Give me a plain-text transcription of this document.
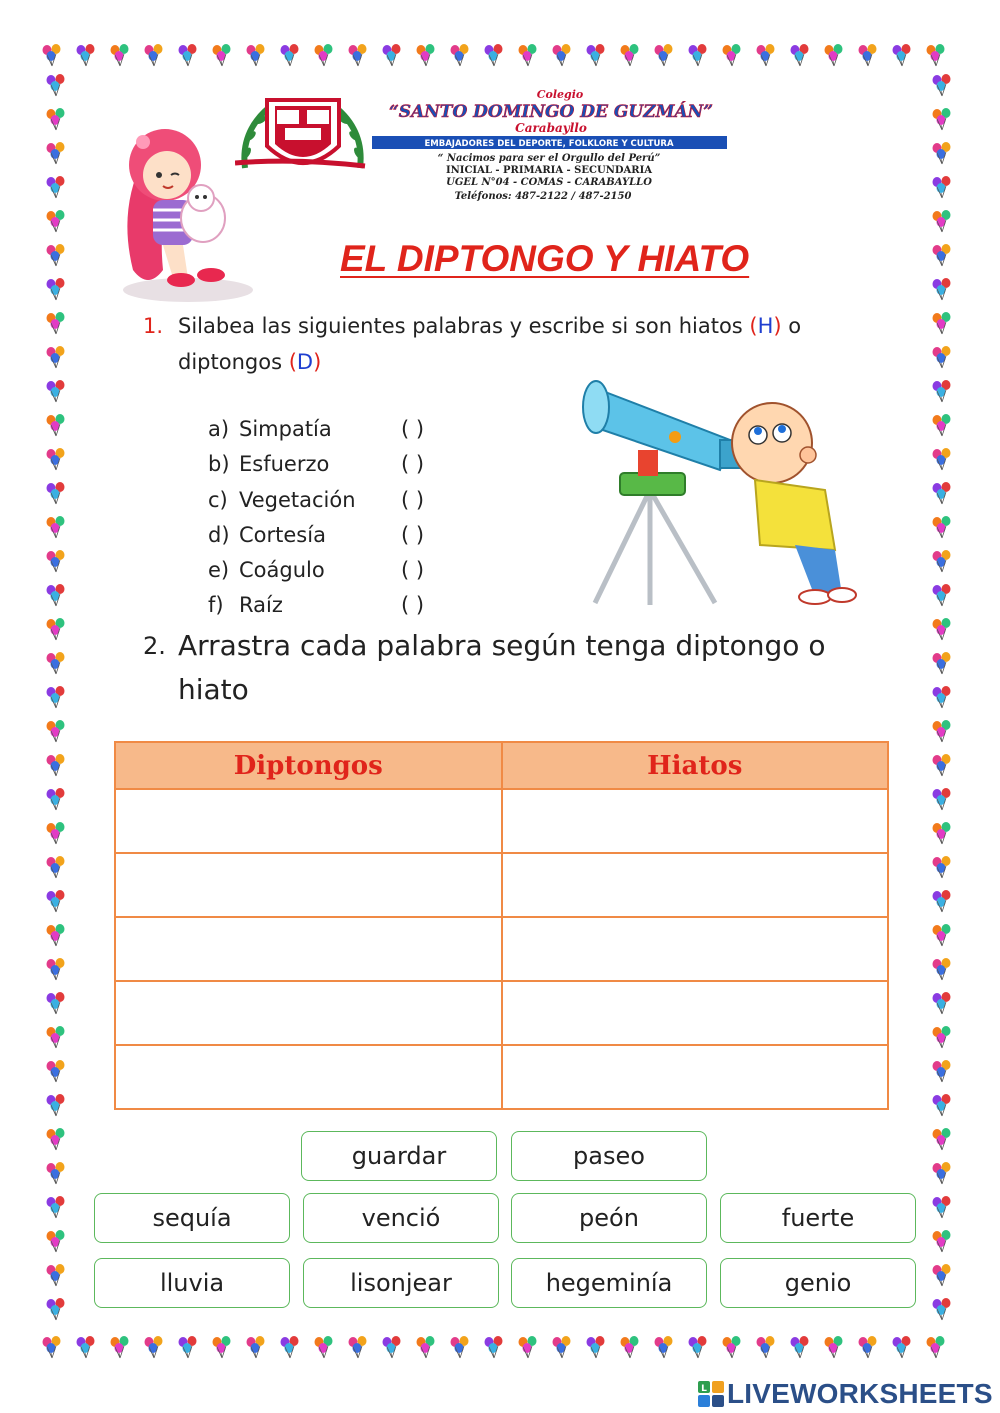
Colegio
“SANTO DOMINGO DE GUZMÁN”
Carabayllo
EMBAJADORES DEL DEPORTE, FOLKLORE Y CULTURA
“ Nacimos para ser el Orgullo del Perú”
INICIAL - PRIMARIA - SECUNDARIA
UGEL N°04 - COMAS - CARABAYLLO
Teléfonos: 487-2122 / 487-2150
EL DIPTONGO Y HIATO
1. Silabea las siguientes palabras y escribe si son hiatos (H) o diptongos (D)
a) Simpatía	( )
b) Esfuerzo	( )
c) Vegetación ( )
d) Cortesía	( )
e) Coágulo	( )
f) Raíz	( )
2. Arrastra cada palabra según tenga diptongo o hiato
Diptongos	Hiatos

guardar	paseo
sequía	venció	peón	fuerte
lluvia	lisonjear	hegeminía	genio
L LIVEWORKSHEETS
